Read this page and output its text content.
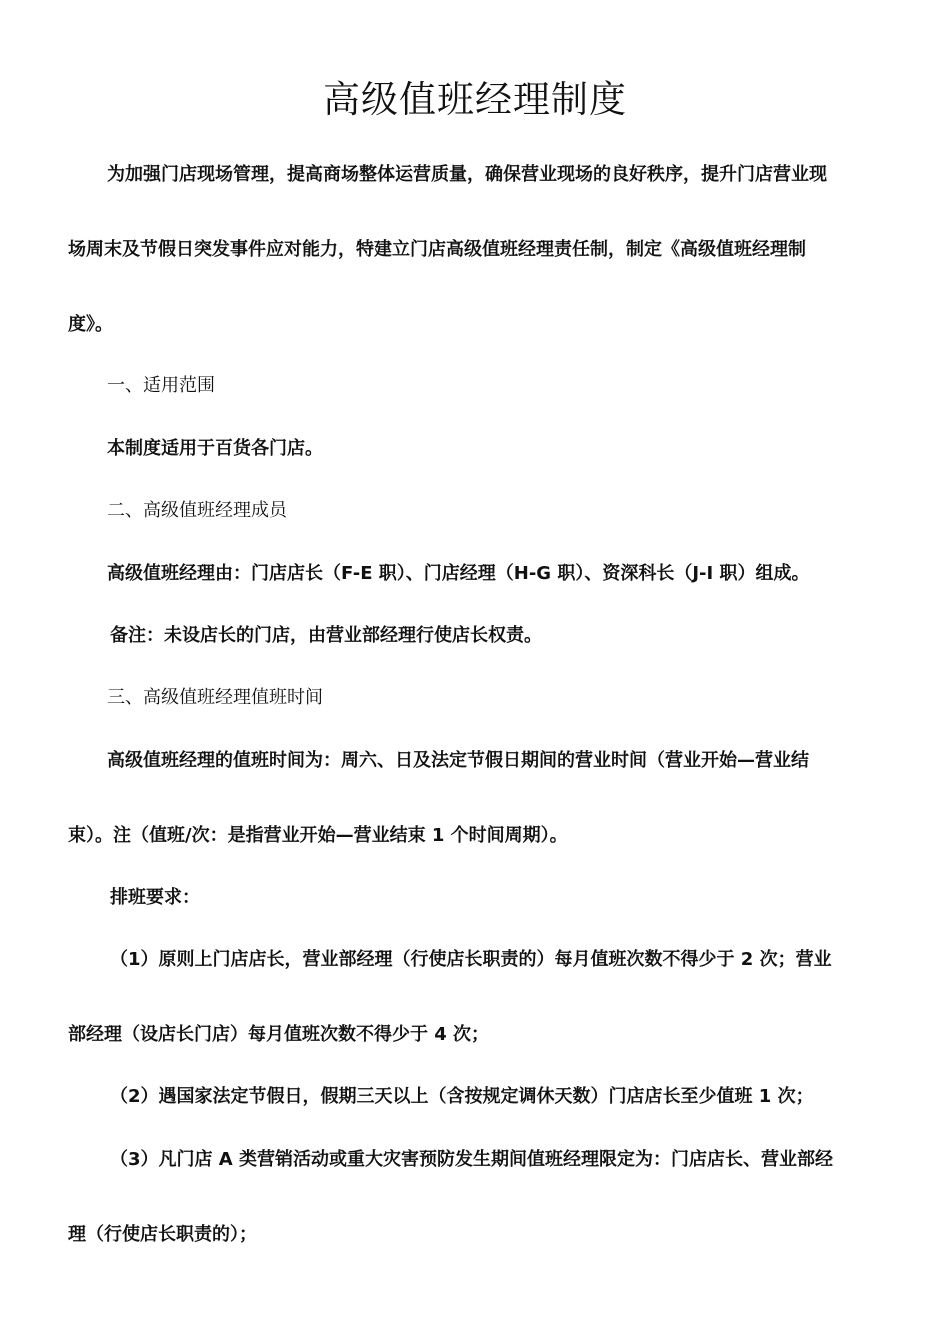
高级值班经理制度

为加强门店现场管理，提高商场整体运营质量，确保营业现场的良好秩序，提升门店营业现

场周末及节假日突发事件应对能力，特建立门店高级值班经理责任制，制定《高级值班经理制

度》。

一、适用范围

本制度适用于百货各门店。

二、高级值班经理成员

高级值班经理由：门店店长（F-E 职）、门店经理（H-G 职）、资深科长（J-I 职）组成。

备注：未设店长的门店，由营业部经理行使店长权责。

三、高级值班经理值班时间

高级值班经理的值班时间为：周六、日及法定节假日期间的营业时间（营业开始—营业结

束）。注（值班/次：是指营业开始—营业结束 1 个时间周期）。

排班要求：

（1）原则上门店店长，营业部经理（行使店长职责的）每月值班次数不得少于 2 次；营业

部经理（设店长门店）每月值班次数不得少于 4 次；

（2）遇国家法定节假日，假期三天以上（含按规定调休天数）门店店长至少值班 1 次；

（3）凡门店 A 类营销活动或重大灾害预防发生期间值班经理限定为：门店店长、营业部经

理（行使店长职责的）；
